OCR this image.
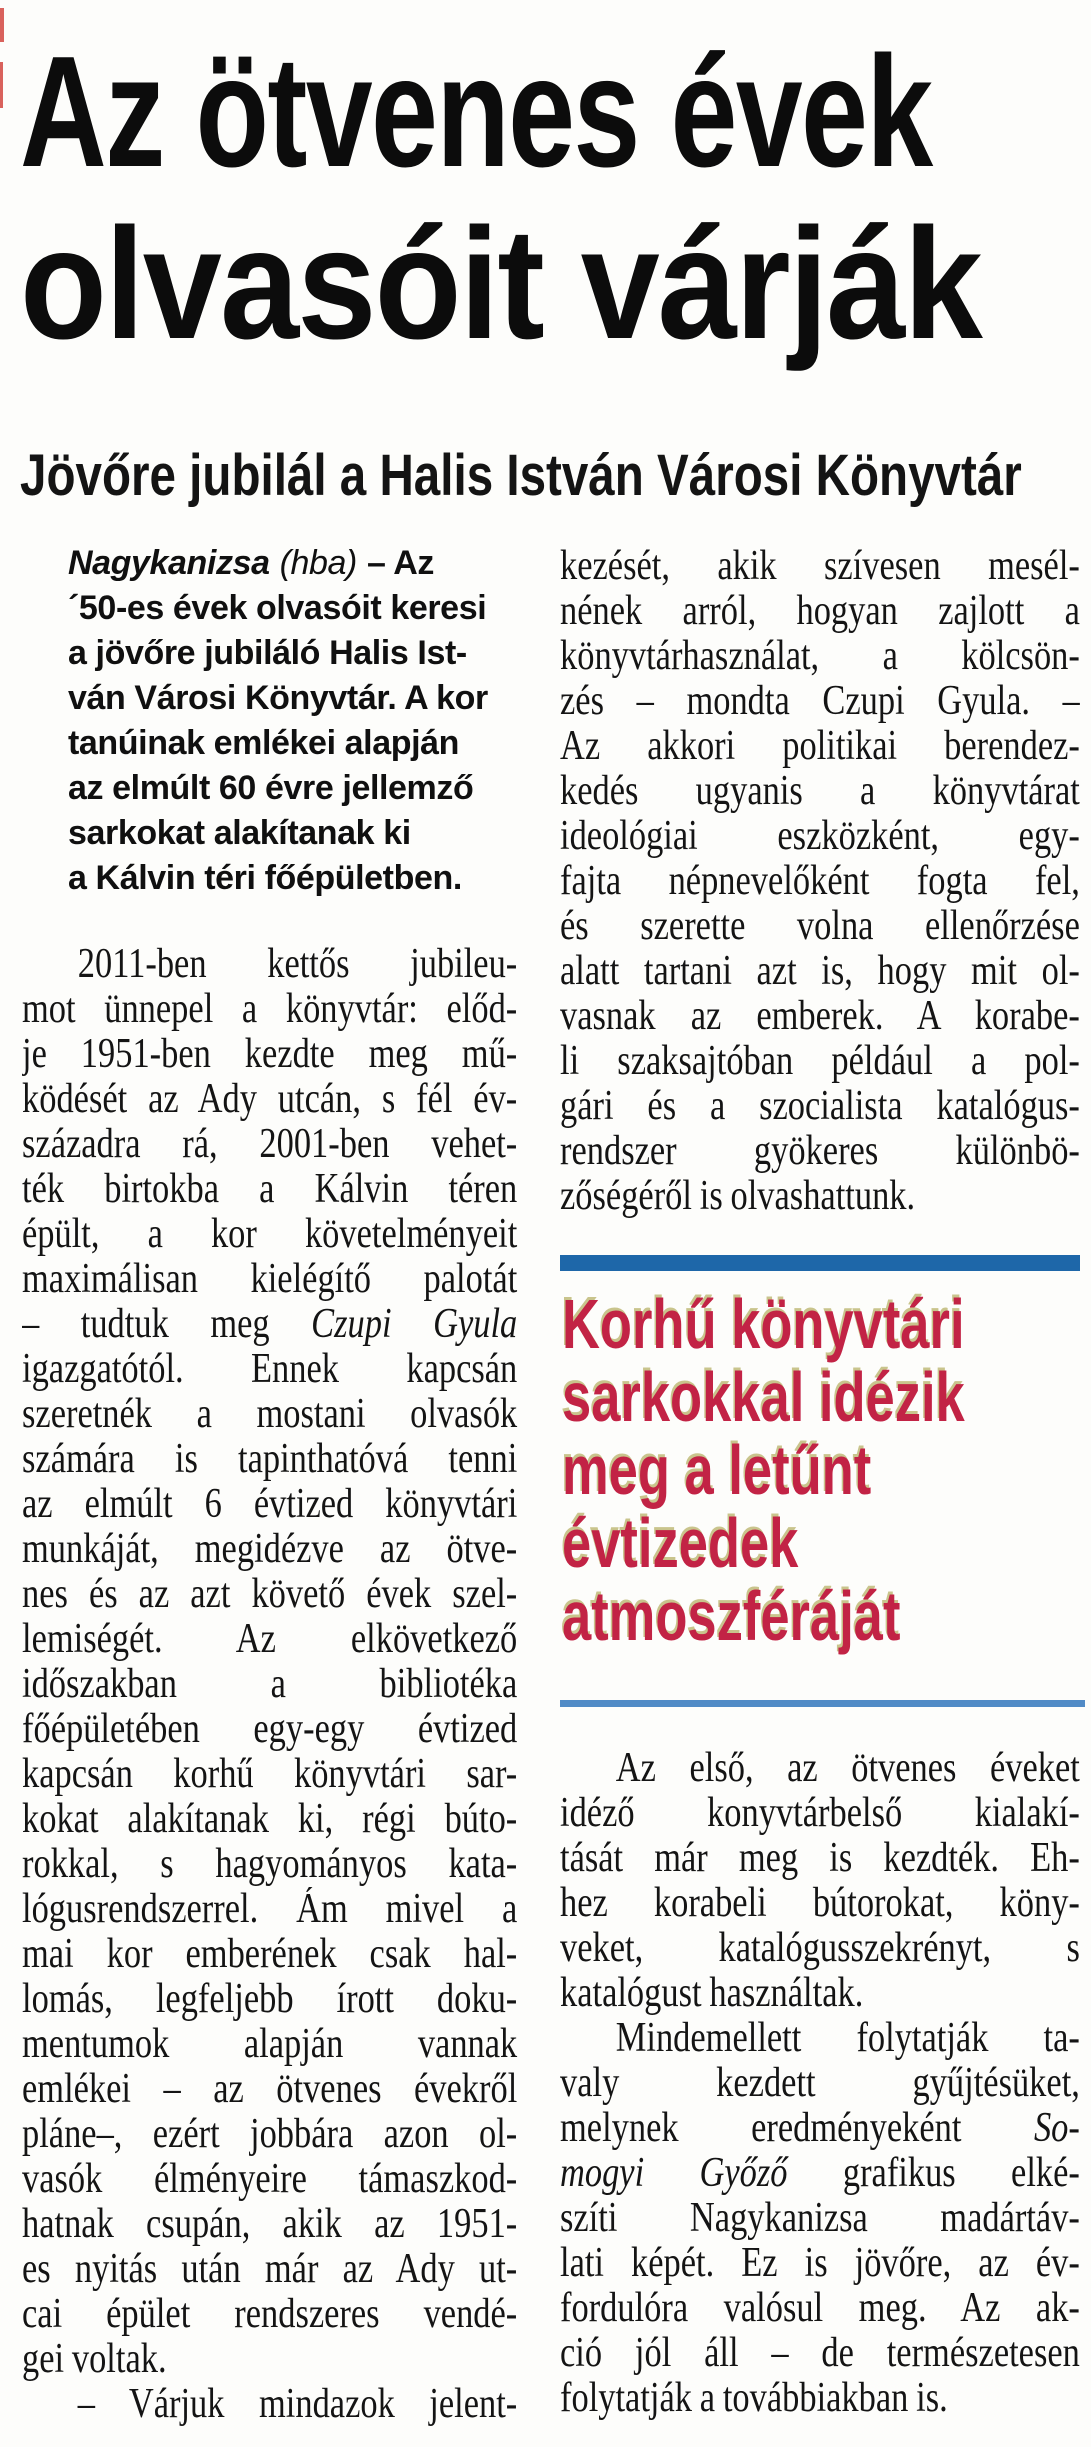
Az ötvenes évek
olvasóit várják
Jövőre jubilál a Halis István Városi Könyvtár
Nagykanizsa (hba) – Az
´50-es évek olvasóit keresi
a jövőre jubiláló Halis Ist-
ván Városi Könyvtár. A kor
tanúinak emlékei alapján
az elmúlt 60 évre jellemző
sarkokat alakítanak ki
a Kálvin téri főépületben.
2011-ben kettős jubileu-
mot ünnepel a könyvtár: előd-
je 1951-ben kezdte meg mű-
ködését az Ady utcán, s fél év-
századra rá, 2001-ben vehet-
ték birtokba a Kálvin téren
épült, a kor követelményeit
maximálisan kielégítő palotát
– tudtuk meg Czupi Gyula
igazgatótól. Ennek kapcsán
szeretnék a mostani olvasók
számára is tapinthatóvá tenni
az elmúlt 6 évtized könyvtári
munkáját, megidézve az ötve-
nes és az azt követő évek szel-
lemiségét. Az elkövetkező
időszakban a bibliotéka
főépületében egy-egy évtized
kapcsán korhű könyvtári sar-
kokat alakítanak ki, régi búto-
rokkal, s hagyományos kata-
lógusrendszerrel. Ám mivel a
mai kor emberének csak hal-
lomás, legfeljebb írott doku-
mentumok alapján vannak
emlékei – az ötvenes évekről
pláne–, ezért jobbára azon ol-
vasók élményeire támaszkod-
hatnak csupán, akik az 1951-
es nyitás után már az Ady ut-
cai épület rendszeres vendé-
gei voltak.
– Várjuk mindazok jelent-
kezését, akik szívesen mesél-
nének arról, hogyan zajlott a
könyvtárhasználat, a kölcsön-
zés – mondta Czupi Gyula. –
Az akkori politikai berendez-
kedés ugyanis a könyvtárat
ideológiai eszközként, egy-
fajta népnevelőként fogta fel,
és szerette volna ellenőrzése
alatt tartani azt is, hogy mit ol-
vasnak az emberek. A korabe-
li szaksajtóban például a pol-
gári és a szocialista katalógus-
rendszer gyökeres különbö-
zőségéről is olvashattunk.
Korhű könyvtári
sarkokkal idézik
meg a letűnt
évtizedek
atmoszféráját
Az első, az ötvenes éveket
idéző konyvtárbelső kialakí-
tását már meg is kezdték. Eh-
hez korabeli bútorokat, köny-
veket, katalógusszekrényt, s
katalógust használtak.
Mindemellett folytatják ta-
valy kezdett gyűjtésüket,
melynek eredményeként So-
mogyi Győző grafikus elké-
szíti Nagykanizsa madártáv-
lati képét. Ez is jövőre, az év-
fordulóra valósul meg. Az ak-
ció jól áll – de természetesen
folytatják a továbbiakban is.
